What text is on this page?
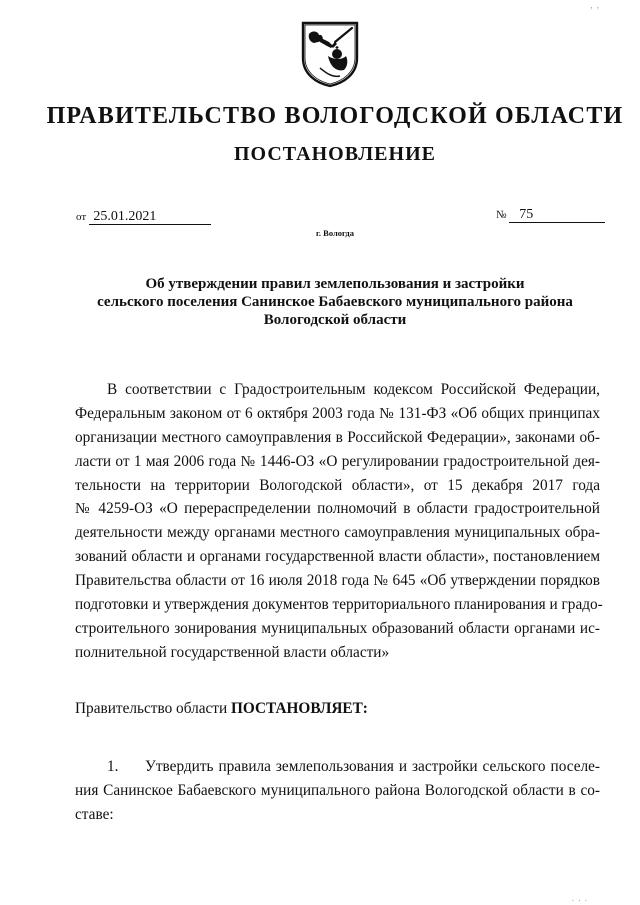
, ,
ПРАВИТЕЛЬСТВО ВОЛОГОДСКОЙ ОБЛАСТИ
ПОСТАНОВЛЕНИЕ
от 25.01.2021	№ 75
г. Вологда
Об утверждении правил землепользования и застройки
сельского поселения Санинское Бабаевского муниципального района
Вологодской области
В соответствии с Градостроительным кодексом Российской Федерации,
Федеральным законом от 6 октября 2003 года № 131-ФЗ «Об общих принципах
организации местного самоуправления в Российской Федерации», законами об-
ласти от 1 мая 2006 года № 1446-ОЗ «О регулировании градостроительной дея-
тельности на территории Вологодской области», от 15 декабря 2017 года
№ 4259-ОЗ «О перераспределении полномочий в области градостроительной
деятельности между органами местного самоуправления муниципальных обра-
зований области и органами государственной власти области», постановлением
Правительства области от 16 июля 2018 года № 645 «Об утверждении порядков
подготовки и утверждения документов территориального планирования и градо-
строительного зонирования муниципальных образований области органами ис-
полнительной государственной власти области»
Правительство области ПОСТАНОВЛЯЕТ:
1. Утвердить правила землепользования и застройки сельского поселе-
ния Санинское Бабаевского муниципального района Вологодской области в со-
ставе:
. . .
